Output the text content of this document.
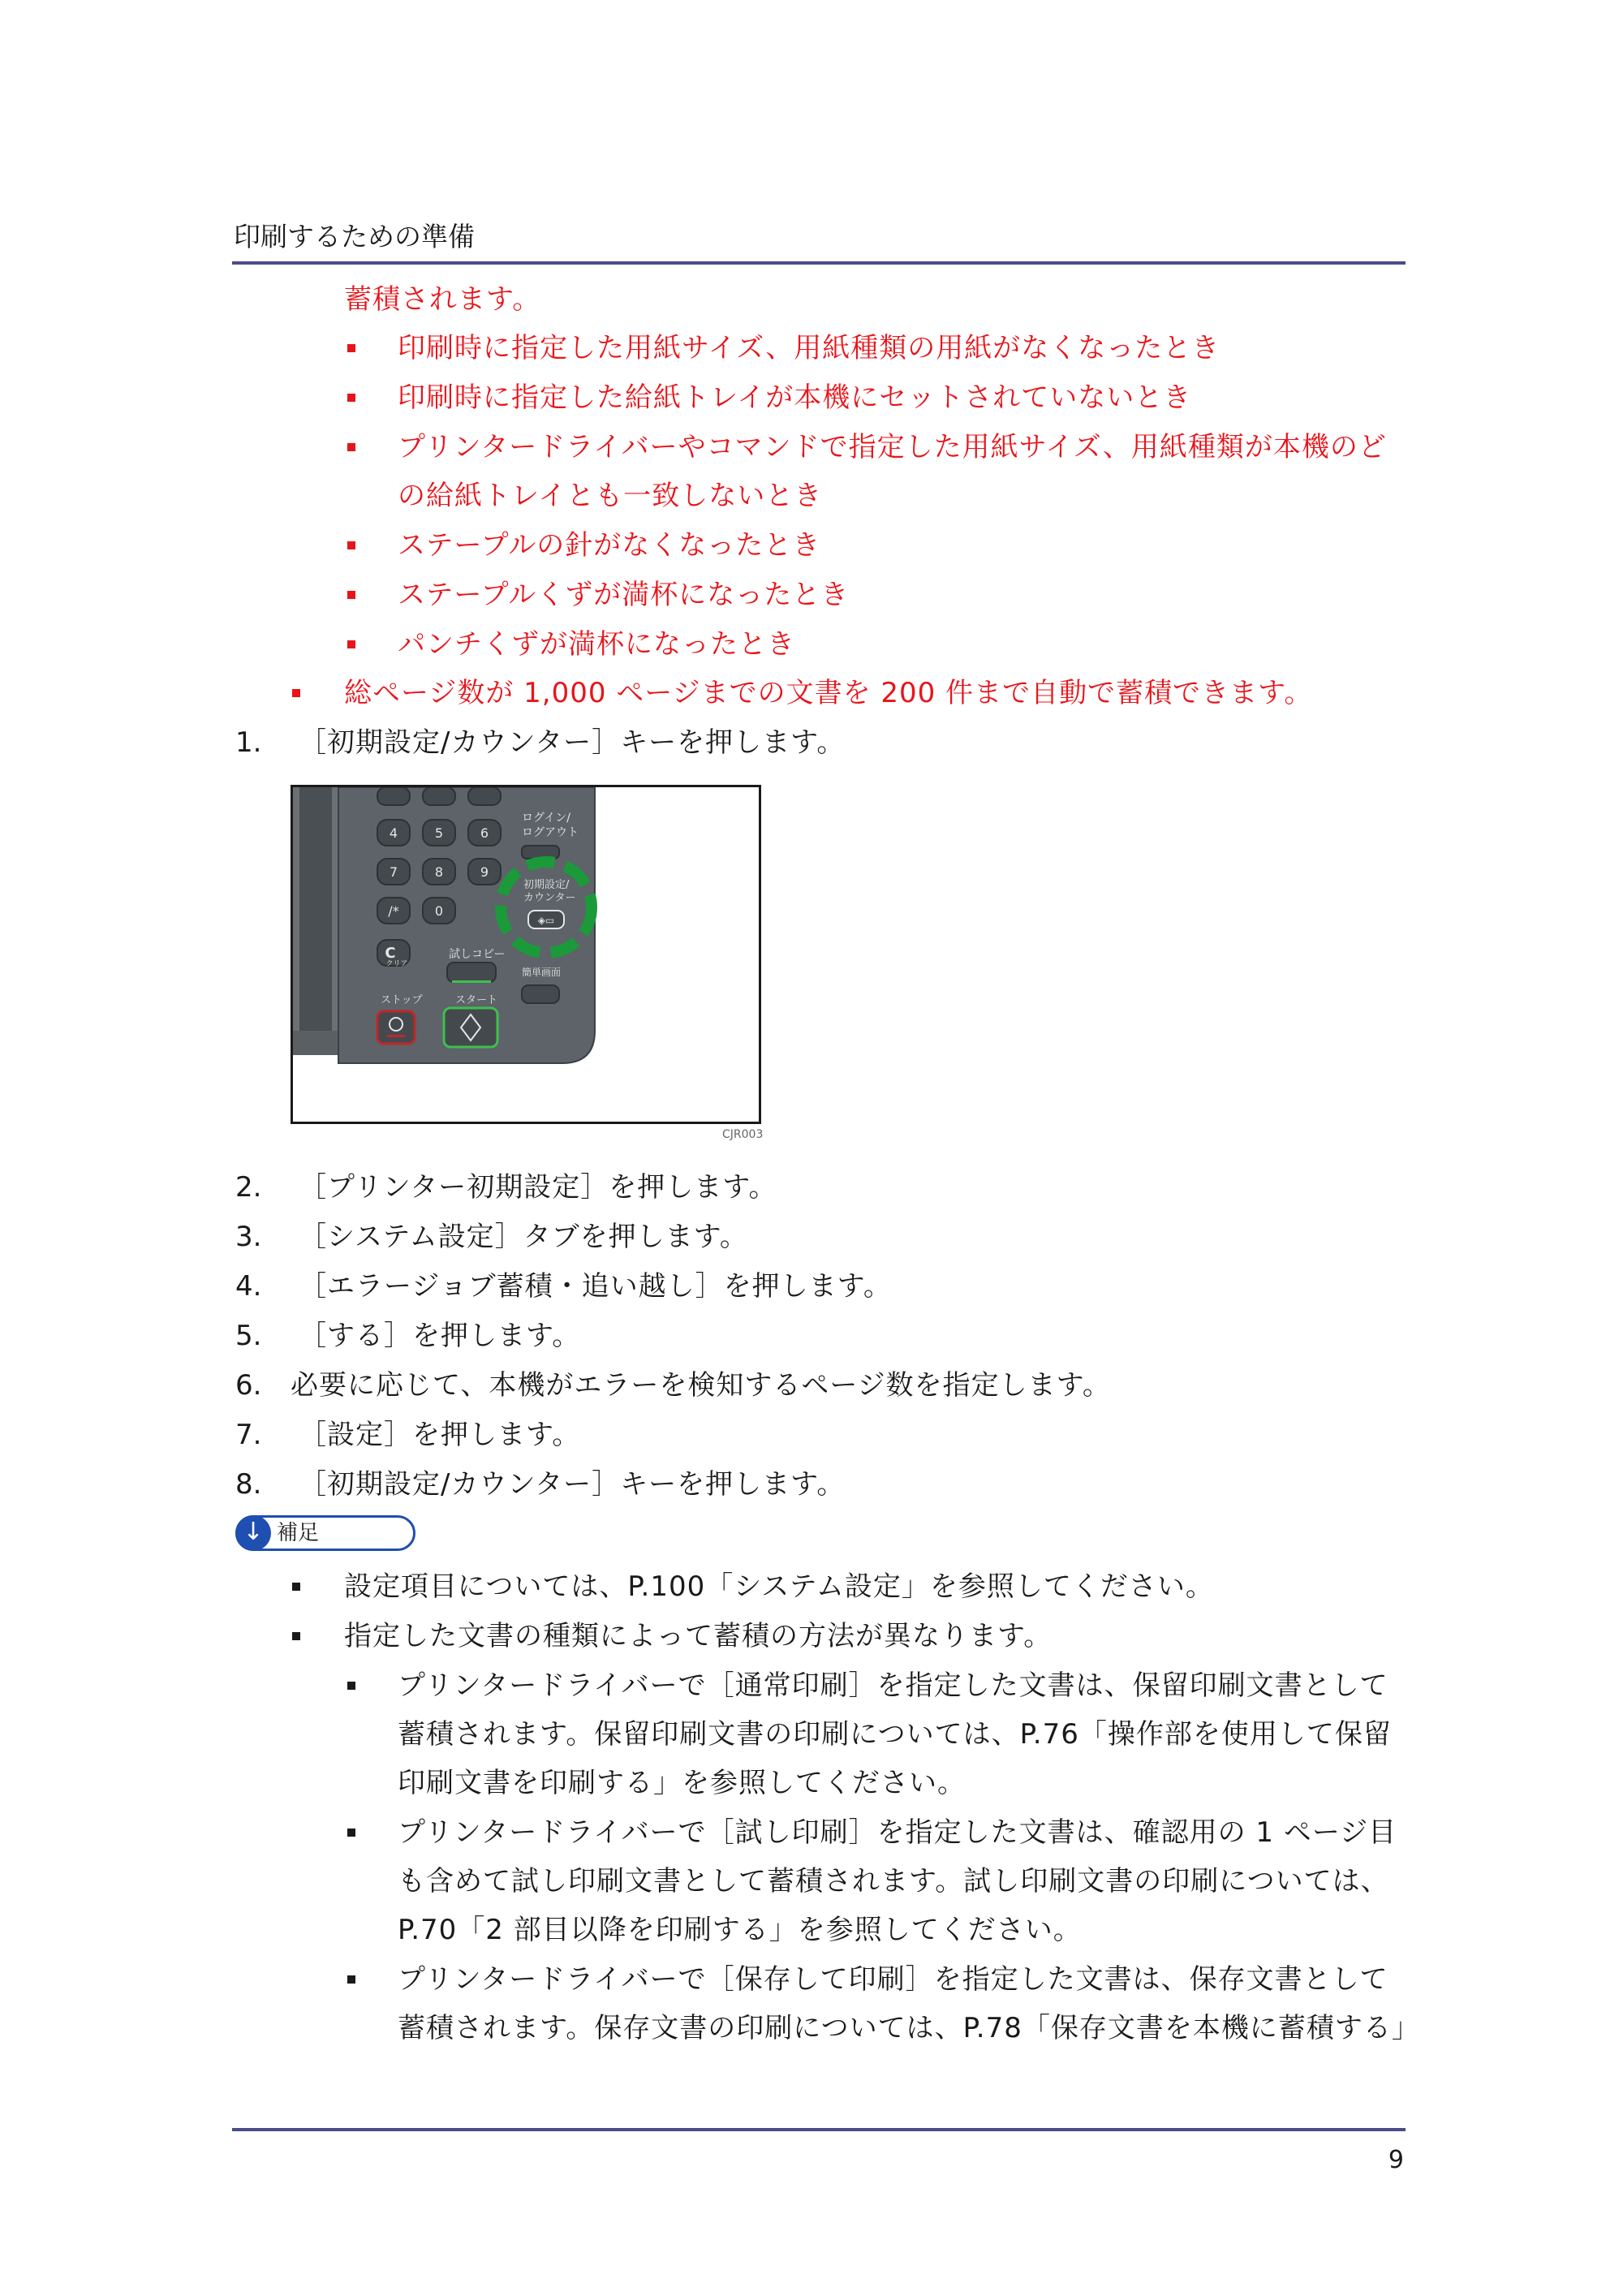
印刷するための準備
蓄積されます。
印刷時に指定した用紙サイズ、用紙種類の用紙がなくなったとき
印刷時に指定した給紙トレイが本機にセットされていないとき
プリンタードライバーやコマンドで指定した用紙サイズ、用紙種類が本機のど
の給紙トレイとも一致しないとき
ステープルの針がなくなったとき
ステープルくずが満杯になったとき
パンチくずが満杯になったとき
総ページ数が 1,000 ページまでの文書を 200 件まで自動で蓄積できます。
1. ［初期設定/カウンター］キーを押します。
4	5	6
7	8	9
/*	0
C
クリア
ログイン/
ログアウト
初期設定/
カウンター
試しコピー
簡単画面
ストップ	スタート
◈▭
CJR003
2. ［プリンター初期設定］を押します。
3. ［システム設定］タブを押します。
4. ［エラージョブ蓄積・追い越し］を押します。
5. ［する］を押します。
6. 必要に応じて、本機がエラーを検知するページ数を指定します。
7. ［設定］を押します。
8. ［初期設定/カウンター］キーを押します。
↓ 補足
設定項目については、P.100「システム設定」を参照してください。
指定した文書の種類によって蓄積の方法が異なります。
プリンタードライバーで［通常印刷］を指定した文書は、保留印刷文書として
蓄積されます。保留印刷文書の印刷については、P.76「操作部を使用して保留
印刷文書を印刷する」を参照してください。
プリンタードライバーで［試し印刷］を指定した文書は、確認用の 1 ページ目
も含めて試し印刷文書として蓄積されます。試し印刷文書の印刷については、
P.70「2 部目以降を印刷する」を参照してください。
プリンタードライバーで［保存して印刷］を指定した文書は、保存文書として
蓄積されます。保存文書の印刷については、P.78「保存文書を本機に蓄積する」
9
